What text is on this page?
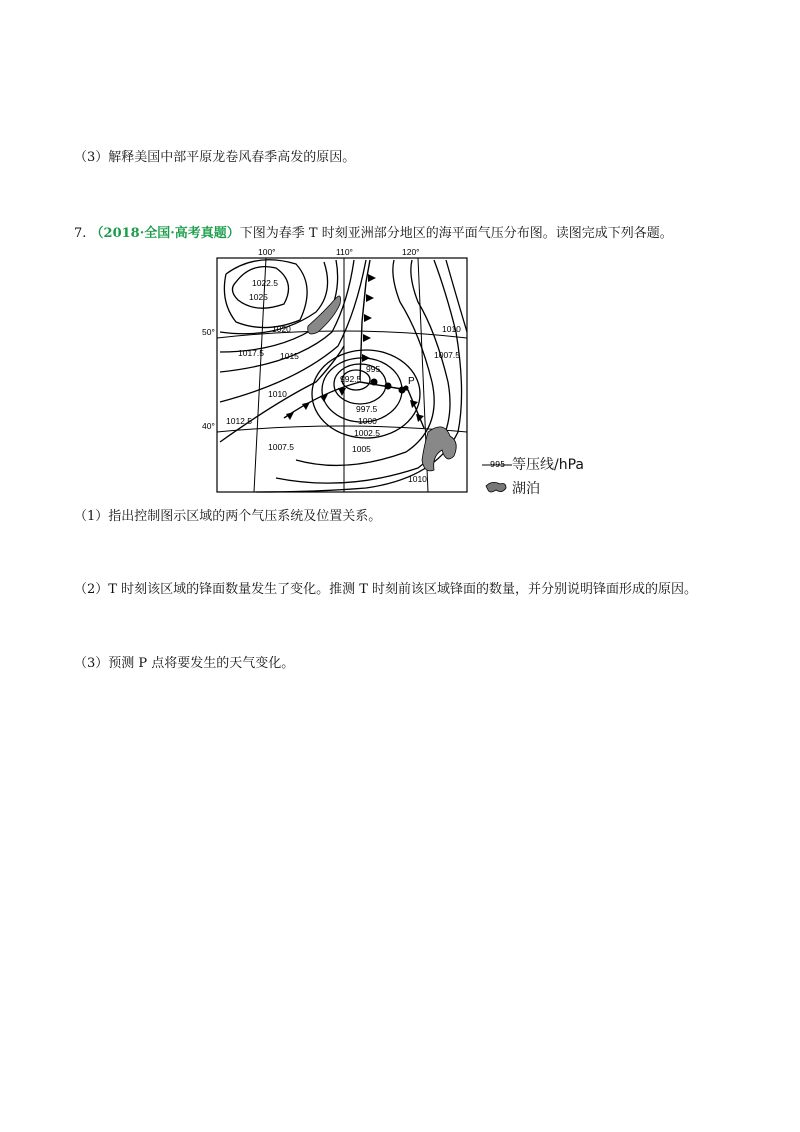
（3）解释美国中部平原龙卷风春季高发的原因。
7. （2018·全国·高考真题）下图为春季 T 时刻亚洲部分地区的海平面气压分布图。读图完成下列各题。
P
100°	110°	120°
50°
40°
1025
1022.5
1020
1017.5 1015
1012.5
1010
1007.5	1005
1002.5
1000
997.5
995
992.5
1010
1007.5
1010
995 等压线/hPa
湖泊
（1）指出控制图示区域的两个气压系统及位置关系。
（2）T 时刻该区域的锋面数量发生了变化。推测 T 时刻前该区域锋面的数量，并分别说明锋面形成的原因。
（3）预测 P 点将要发生的天气变化。
